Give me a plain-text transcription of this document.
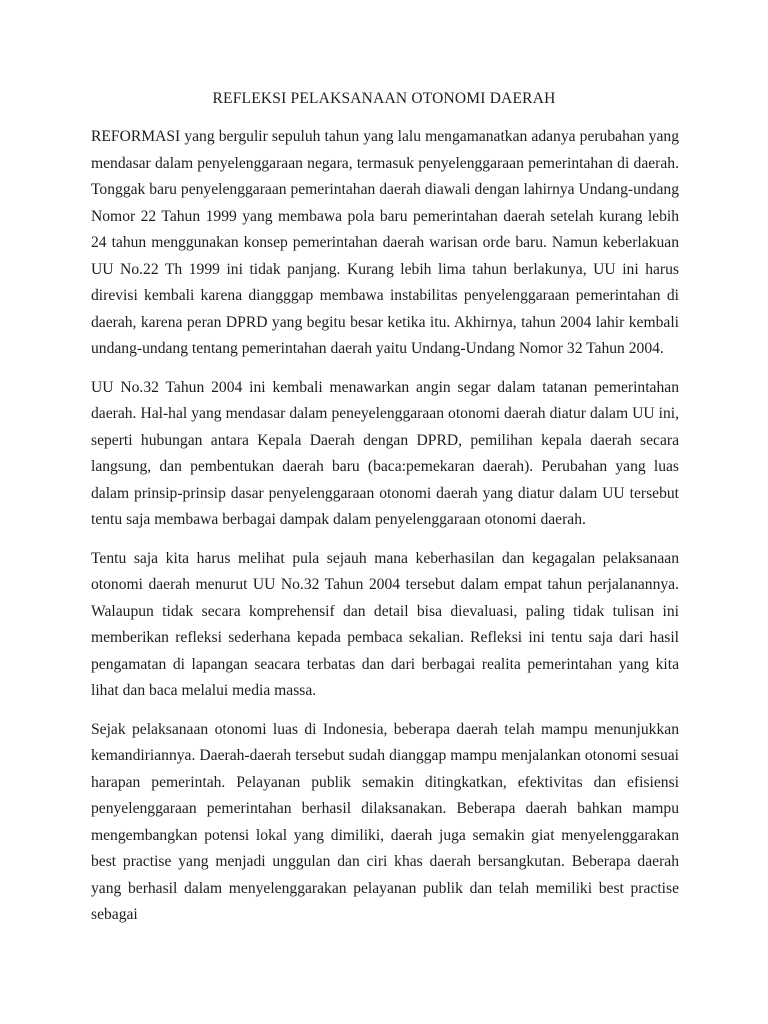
REFLEKSI PELAKSANAAN OTONOMI DAERAH

REFORMASI yang bergulir sepuluh tahun yang lalu mengamanatkan adanya perubahan yang mendasar dalam penyelenggaraan negara, termasuk penyelenggaraan pemerintahan di daerah. Tonggak baru penyelenggaraan pemerintahan daerah diawali dengan lahirnya Undang-undang Nomor 22 Tahun 1999 yang membawa pola baru pemerintahan daerah setelah kurang lebih 24 tahun menggunakan konsep pemerintahan daerah warisan orde baru. Namun keberlakuan UU No.22 Th 1999 ini tidak panjang. Kurang lebih lima tahun berlakunya, UU ini harus direvisi kembali karena diangggap membawa instabilitas penyelenggaraan pemerintahan di daerah, karena peran DPRD yang begitu besar ketika itu. Akhirnya, tahun 2004 lahir kembali undang-undang tentang pemerintahan daerah yaitu Undang-Undang Nomor 32 Tahun 2004.

UU No.32 Tahun 2004 ini kembali menawarkan angin segar dalam tatanan pemerintahan daerah. Hal-hal yang mendasar dalam peneyelenggaraan otonomi daerah diatur dalam UU ini, seperti hubungan antara Kepala Daerah dengan DPRD, pemilihan kepala daerah secara langsung, dan pembentukan daerah baru (baca:pemekaran daerah). Perubahan yang luas dalam prinsip-prinsip dasar penyelenggaraan otonomi daerah yang diatur dalam UU tersebut tentu saja membawa berbagai dampak dalam penyelenggaraan otonomi daerah.

Tentu saja kita harus melihat pula sejauh mana keberhasilan dan kegagalan pelaksanaan otonomi daerah menurut UU No.32 Tahun 2004 tersebut dalam empat tahun perjalanannya. Walaupun tidak secara komprehensif dan detail bisa dievaluasi, paling tidak tulisan ini memberikan refleksi sederhana kepada pembaca sekalian. Refleksi ini tentu saja dari hasil pengamatan di lapangan seacara terbatas dan dari berbagai realita pemerintahan yang kita lihat dan baca melalui media massa.

Sejak pelaksanaan otonomi luas di Indonesia, beberapa daerah telah mampu menunjukkan kemandiriannya. Daerah-daerah tersebut sudah dianggap mampu menjalankan otonomi sesuai harapan pemerintah. Pelayanan publik semakin ditingkatkan, efektivitas dan efisiensi penyelenggaraan pemerintahan berhasil dilaksanakan. Beberapa daerah bahkan mampu mengembangkan potensi lokal yang dimiliki, daerah juga semakin giat menyelenggarakan best practise yang menjadi unggulan dan ciri khas daerah bersangkutan. Beberapa daerah yang berhasil dalam menyelenggarakan pelayanan publik dan telah memiliki best practise sebagai
